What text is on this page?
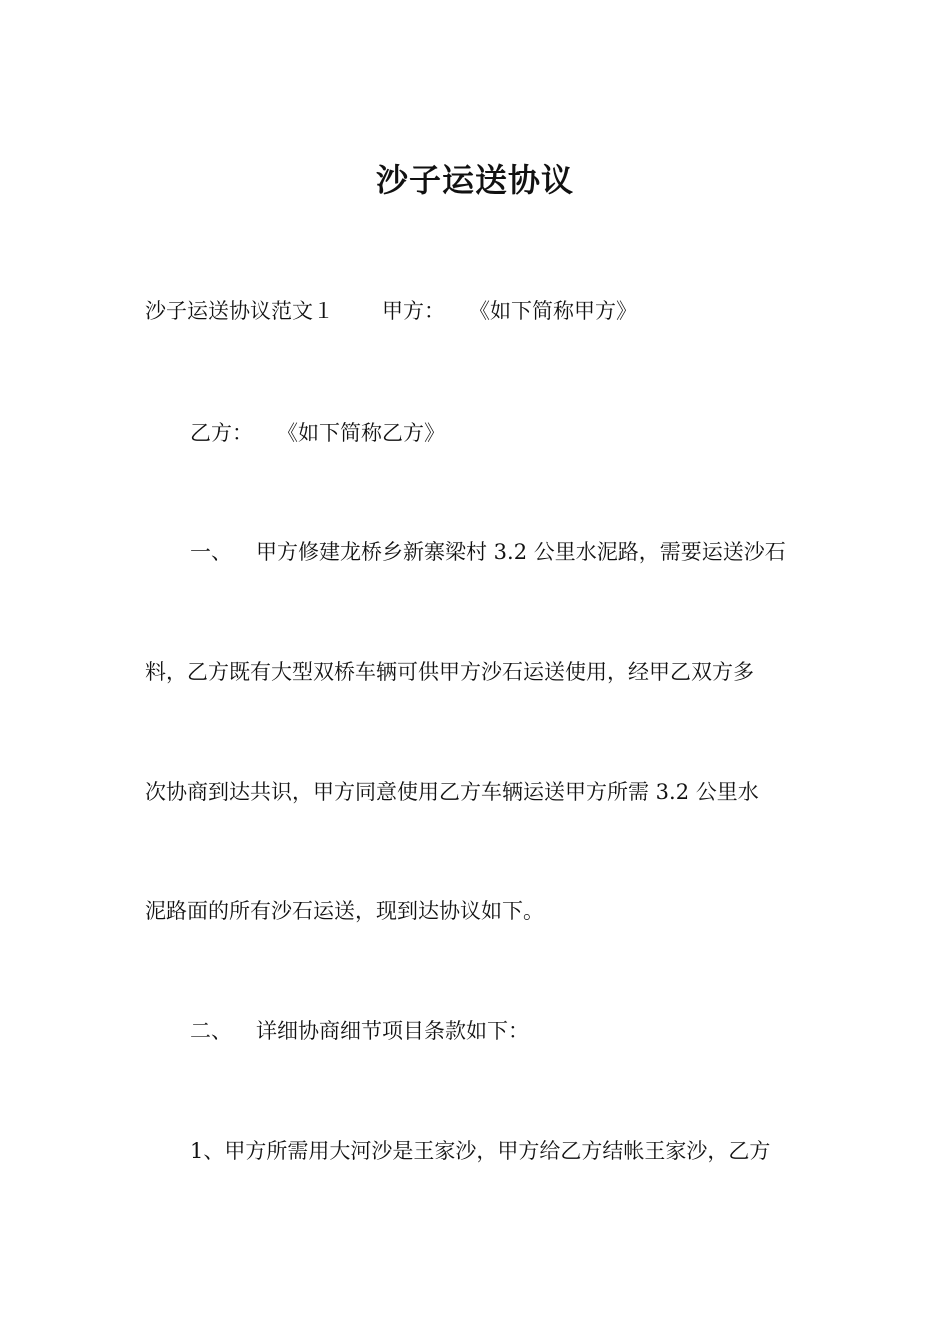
沙子运送协议

沙子运送协议范文１ 甲方： 《如下简称甲方》

乙方： 《如下简称乙方》

一、 甲方修建龙桥乡新寨梁村 3.2 公里水泥路，需要运送沙石

料，乙方既有大型双桥车辆可供甲方沙石运送使用，经甲乙双方多

次协商到达共识，甲方同意使用乙方车辆运送甲方所需 3.2 公里水

泥路面的所有沙石运送，现到达协议如下。

二、 详细协商细节项目条款如下：

1、甲方所需用大河沙是王家沙，甲方给乙方结帐王家沙，乙方
